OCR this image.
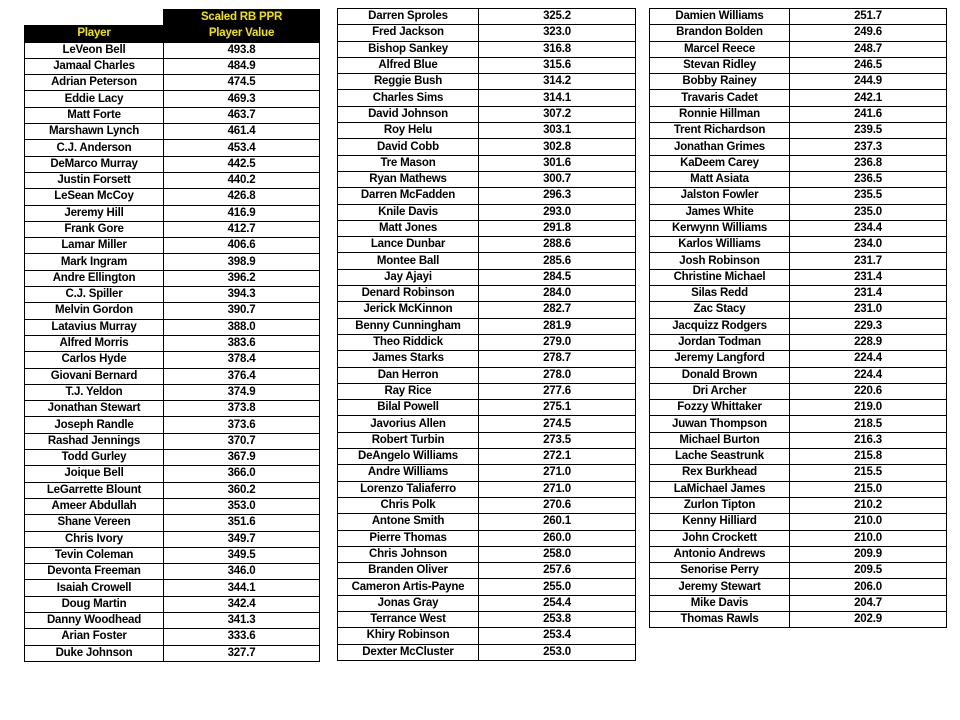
	Scaled RB PPR
Player	Player Value
LeVeon Bell	493.8
Jamaal Charles	484.9
Adrian Peterson	474.5
Eddie Lacy	469.3
Matt Forte	463.7
Marshawn Lynch	461.4
C.J. Anderson	453.4
DeMarco Murray	442.5
Justin Forsett	440.2
LeSean McCoy	426.8
Jeremy Hill	416.9
Frank Gore	412.7
Lamar Miller	406.6
Mark Ingram	398.9
Andre Ellington	396.2
C.J. Spiller	394.3
Melvin Gordon	390.7
Latavius Murray	388.0
Alfred Morris	383.6
Carlos Hyde	378.4
Giovani Bernard	376.4
T.J. Yeldon	374.9
Jonathan Stewart	373.8
Joseph Randle	373.6
Rashad Jennings	370.7
Todd Gurley	367.9
Joique Bell	366.0
LeGarrette Blount	360.2
Ameer Abdullah	353.0
Shane Vereen	351.6
Chris Ivory	349.7
Tevin Coleman	349.5
Devonta Freeman	346.0
Isaiah Crowell	344.1
Doug Martin	342.4
Danny Woodhead	341.3
Arian Foster	333.6
Duke Johnson	327.7
Darren Sproles	325.2
Fred Jackson	323.0
Bishop Sankey	316.8
Alfred Blue	315.6
Reggie Bush	314.2
Charles Sims	314.1
David Johnson	307.2
Roy Helu	303.1
David Cobb	302.8
Tre Mason	301.6
Ryan Mathews	300.7
Darren McFadden	296.3
Knile Davis	293.0
Matt Jones	291.8
Lance Dunbar	288.6
Montee Ball	285.6
Jay Ajayi	284.5
Denard Robinson	284.0
Jerick McKinnon	282.7
Benny Cunningham	281.9
Theo Riddick	279.0
James Starks	278.7
Dan Herron	278.0
Ray Rice	277.6
Bilal Powell	275.1
Javorius Allen	274.5
Robert Turbin	273.5
DeAngelo Williams	272.1
Andre Williams	271.0
Lorenzo Taliaferro	271.0
Chris Polk	270.6
Antone Smith	260.1
Pierre Thomas	260.0
Chris Johnson	258.0
Branden Oliver	257.6
Cameron Artis-Payne	255.0
Jonas Gray	254.4
Terrance West	253.8
Khiry Robinson	253.4
Dexter McCluster	253.0
Damien Williams	251.7
Brandon Bolden	249.6
Marcel Reece	248.7
Stevan Ridley	246.5
Bobby Rainey	244.9
Travaris Cadet	242.1
Ronnie Hillman	241.6
Trent Richardson	239.5
Jonathan Grimes	237.3
KaDeem Carey	236.8
Matt Asiata	236.5
Jalston Fowler	235.5
James White	235.0
Kerwynn Williams	234.4
Karlos Williams	234.0
Josh Robinson	231.7
Christine Michael	231.4
Silas Redd	231.4
Zac Stacy	231.0
Jacquizz Rodgers	229.3
Jordan Todman	228.9
Jeremy Langford	224.4
Donald Brown	224.4
Dri Archer	220.6
Fozzy Whittaker	219.0
Juwan Thompson	218.5
Michael Burton	216.3
Lache Seastrunk	215.8
Rex Burkhead	215.5
LaMichael James	215.0
Zurlon Tipton	210.2
Kenny Hilliard	210.0
John Crockett	210.0
Antonio Andrews	209.9
Senorise Perry	209.5
Jeremy Stewart	206.0
Mike Davis	204.7
Thomas Rawls	202.9
